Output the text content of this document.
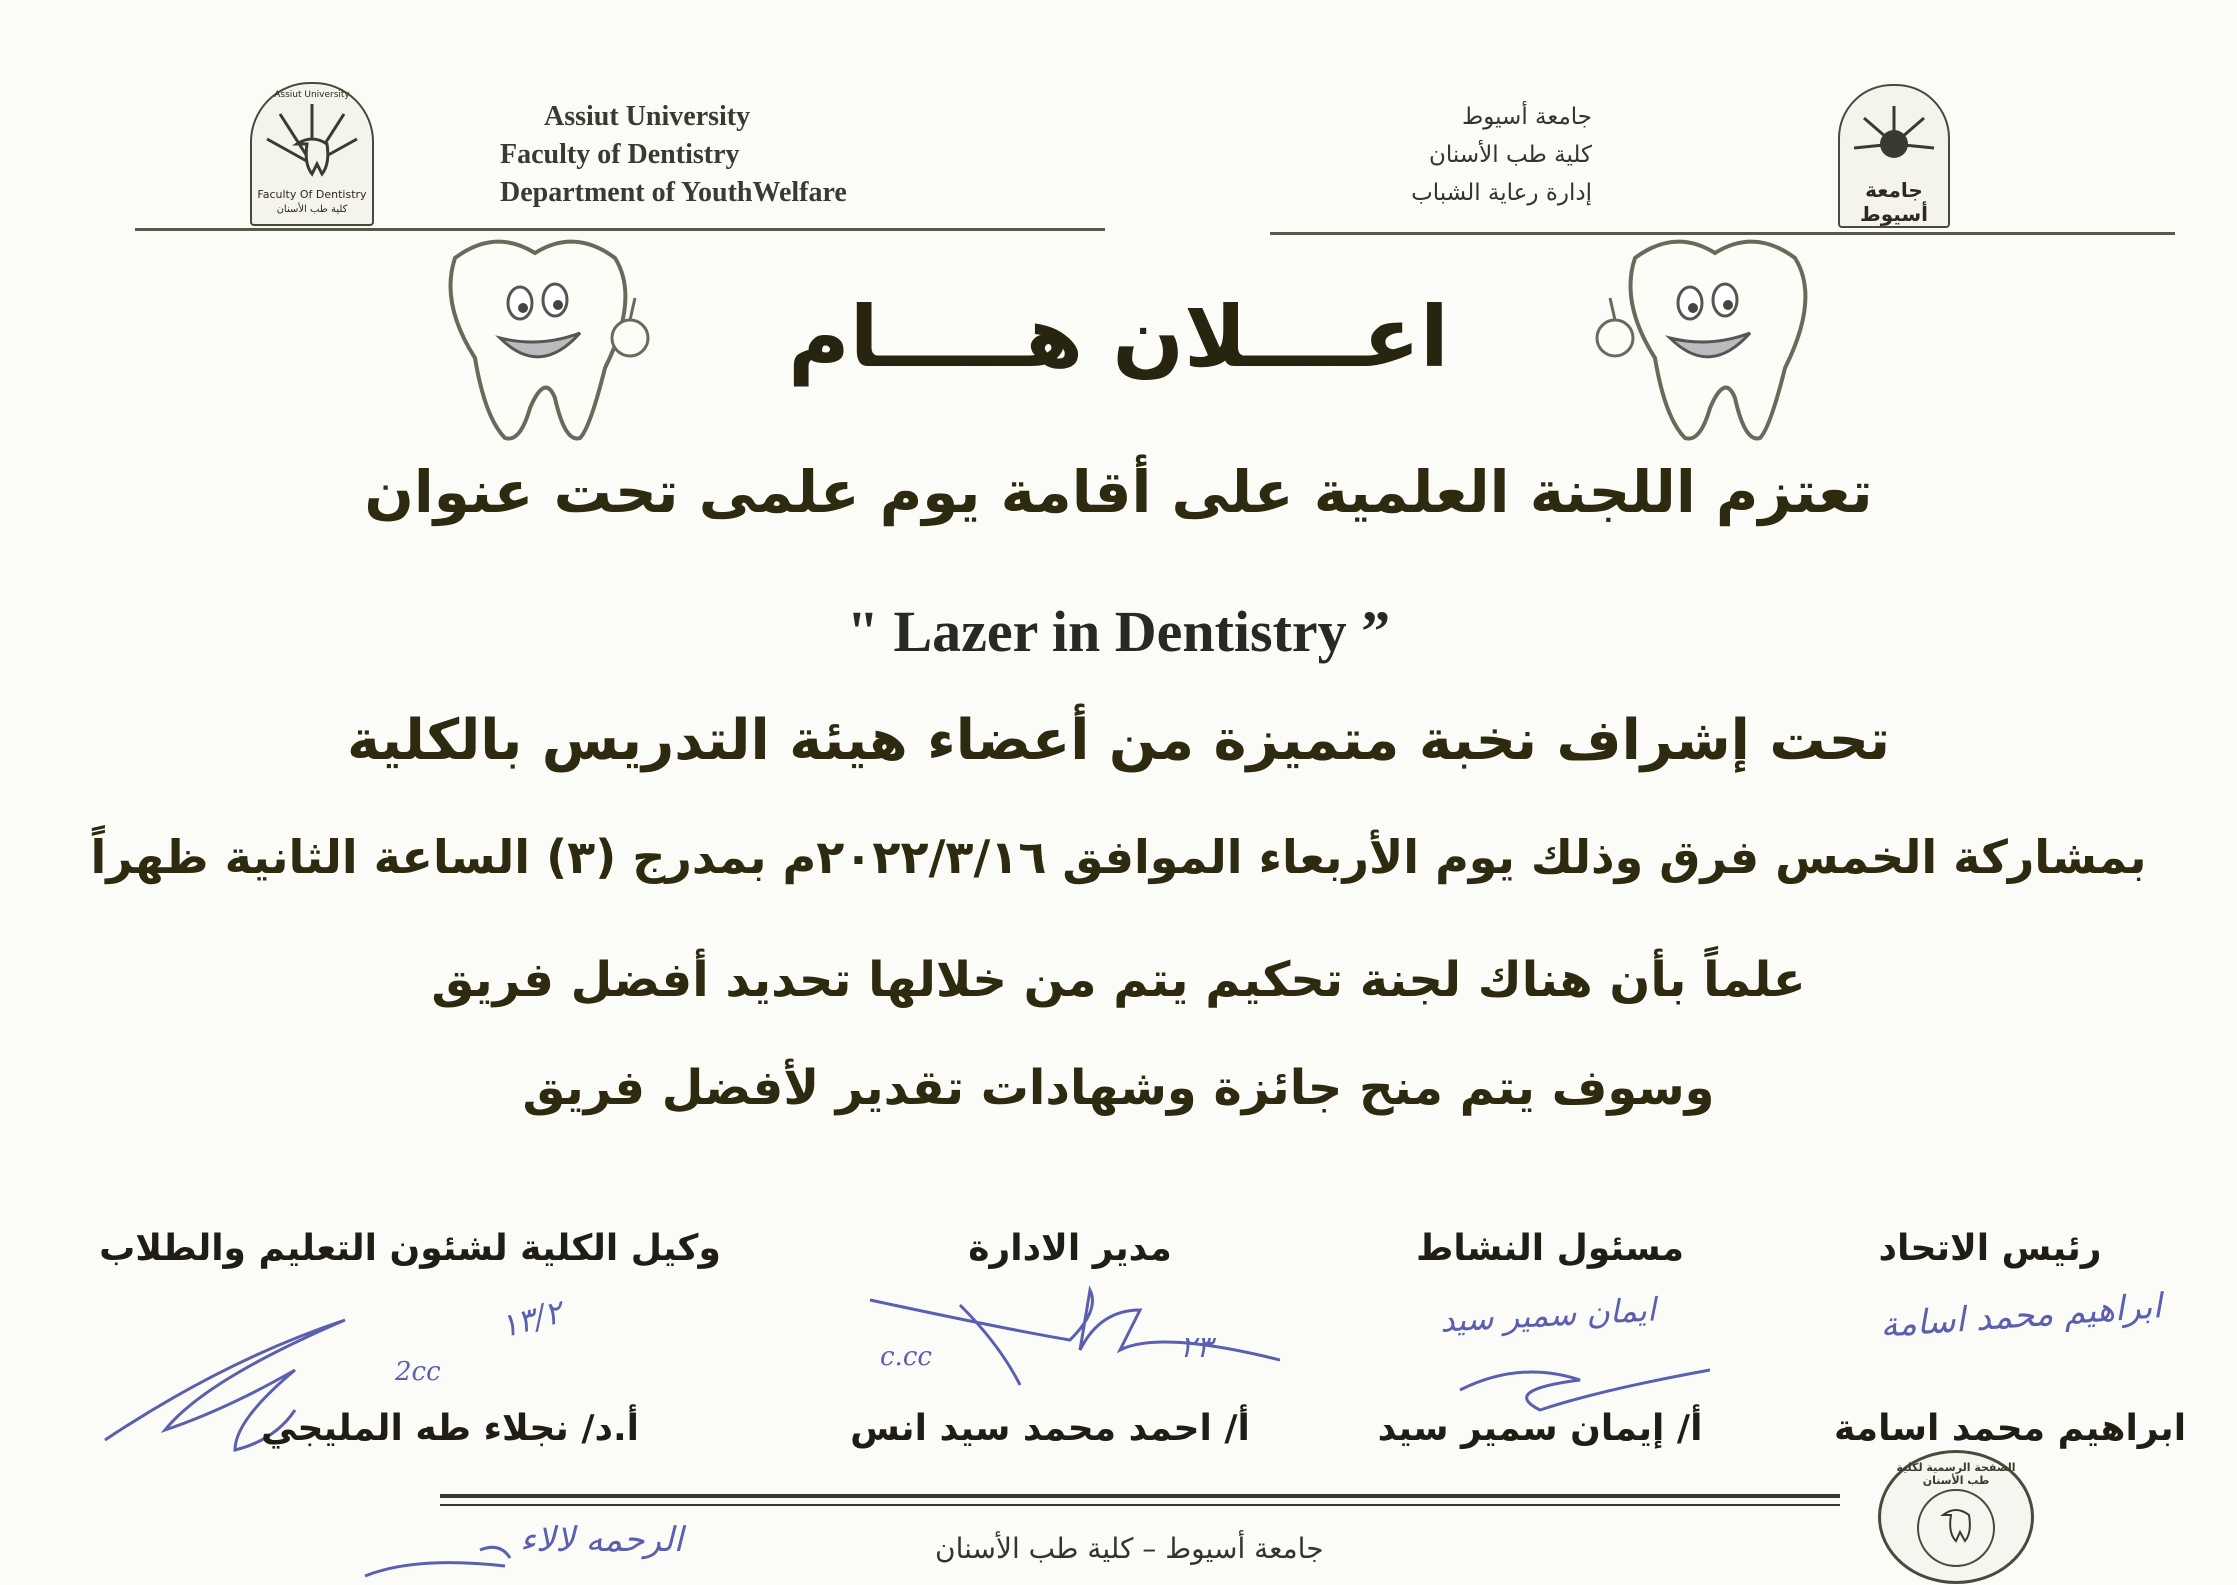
Assiut University
Faculty Of Dentistry
كلية طب الأسنان
Assiut University
Faculty of Dentistry
Department of YouthWelfare
جامعة أسيوط
كلية طب الأسنان
إدارة رعاية الشباب	جامعة أسيوط
اعــــلان هـــــام
تعتزم اللجنة العلمية على أقامة يوم علمى تحت عنوان
" Lazer in Dentistry ”
تحت إشراف نخبة متميزة من أعضاء هيئة التدريس بالكلية
بمشاركة الخمس فرق وذلك يوم الأربعاء الموافق ٢٠٢٢/٣/١٦م بمدرج (٣) الساعة الثانية ظهراً
علماً بأن هناك لجنة تحكيم يتم من خلالها تحديد أفضل فريق
وسوف يتم منح جائزة وشهادات تقدير لأفضل فريق
رئيس الاتحاد
ابراهيم محمد اسامة
ابراهيم محمد اسامة
مسئول النشاط
ايمان سمير سيد
أ/ إيمان سمير سيد
مدير الادارة
c.cc	٢٣
أ/ احمد محمد سيد انس
وكيل الكلية لشئون التعليم والطلاب
2cc
١٣/٢
أ.د/ نجلاء طه المليجي
جامعة أسيوط – كلية طب الأسنان
الرحمه لالاء
الصفحة الرسمية لكلية طب الأسنان
